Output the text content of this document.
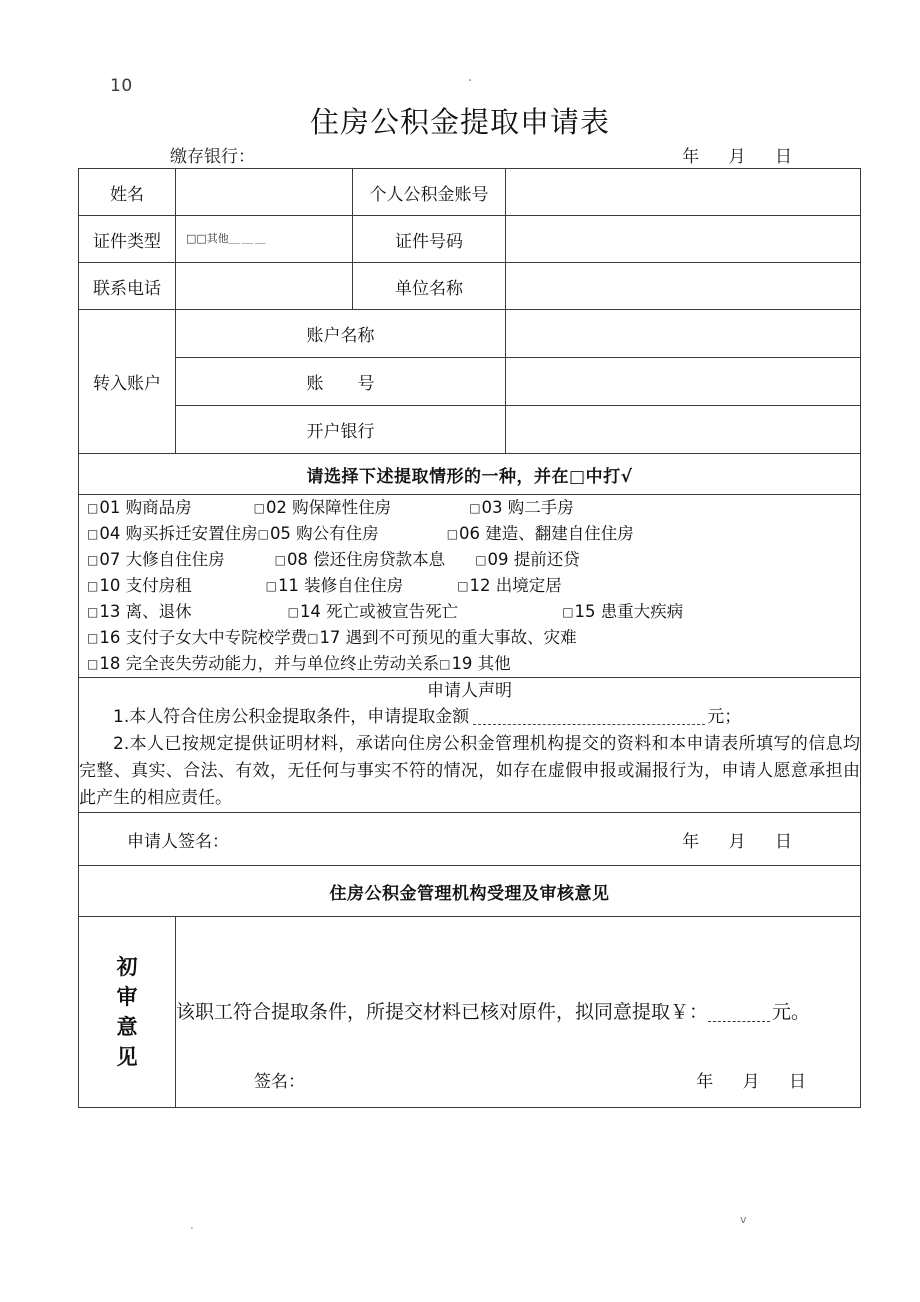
10	.
住房公积金提取申请表
缴存银行：	年 月 日
姓名		个人公积金账号	
证件类型	□□其他＿＿＿	证件号码	
联系电话		单位名称	
转入账户	账户名称		
	账　　号		
	开户银行		
请选择下述提取情形的一种，并在□中打√			

□01 购商品房	□02 购保障性住房	□03 购二手房
□04 购买拆迁安置住房□05 购公有住房	□06 建造、翻建自住住房
□07 大修自住住房	□08 偿还住房贷款本息	□09 提前还贷
□10 支付房租	□11 装修自住住房	□12 出境定居
□13 离、退休	□14 死亡或被宣告死亡	□15 患重大疾病
□16 支付子女大中专院校学费□17 遇到不可预见的重大事故、灾难
□18 完全丧失劳动能力，并与单位终止劳动关系□19 其他

申请人声明
1.本人符合住房公积金提取条件，申请提取金额 元；
2.本人已按规定提供证明材料，承诺向住房公积金管理机构提交的资料和本申请表所填写的信息均完整、真实、合法、有效，无任何与事实不符的情况，如存在虚假申报或漏报行为，申请人愿意承担由此产生的相应责任。			

申请人签名： 年 月 日			

住房公积金管理机构受理及审核意见			
初　审
意　见	
该职工符合提取条件，所提交材料已核对原件，拟同意提取￥：	元。
签名：	年 月 日
.	v
